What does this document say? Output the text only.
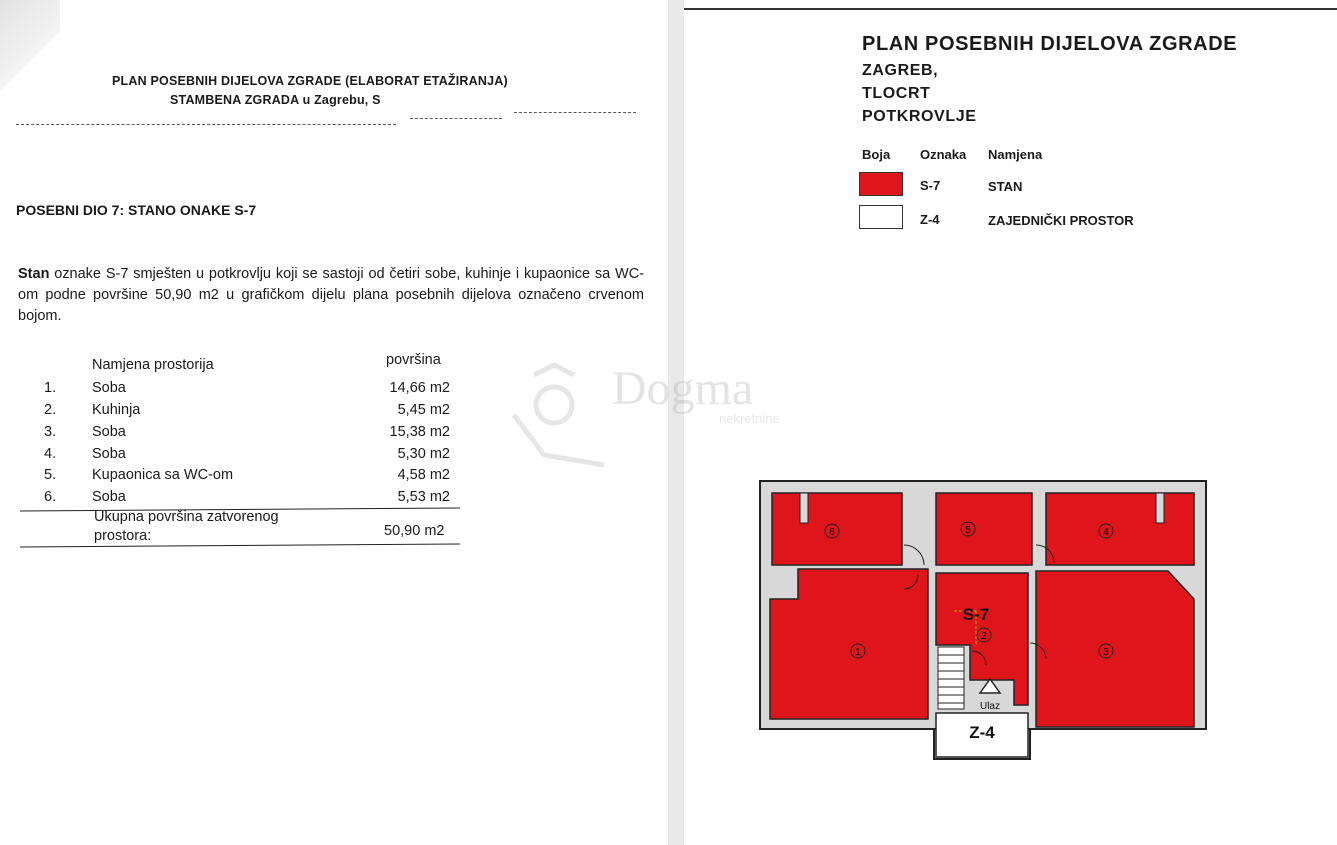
PLAN POSEBNIH DIJELOVA ZGRADE (ELABORAT ETAŽIRANJA)
STAMBENA ZGRADA u Zagrebu, S
POSEBNI DIO 7: STANO ONAKE S-7
Stan oznake S-7 smješten u potkrovlju koji se sastoji od četiri sobe, kuhinje i kupaonice sa WC-om podne površine 50,90 m2 u grafičkom dijelu plana posebnih dijelova označeno crvenom bojom.
Namjena prostorija	površina
1. Soba	14,66 m2
2. Kuhinja	5,45 m2
3. Soba	15,38 m2
4. Soba	5,30 m2
5. Kupaonica sa WC-om	4,58 m2
6. Soba	5,53 m2
Ukupna površina zatvorenog prostora:	50,90 m2
PLAN POSEBNIH DIJELOVA ZGRADE
ZAGREB,
TLOCRT
POTKROVLJE
Boja Oznaka Namjena
S-7	STAN
Z-4	ZAJEDNIČKI PROSTOR
1
2
3
4
5
6
S-7
Ulaz
Z-4
Dogma
nekretnine
